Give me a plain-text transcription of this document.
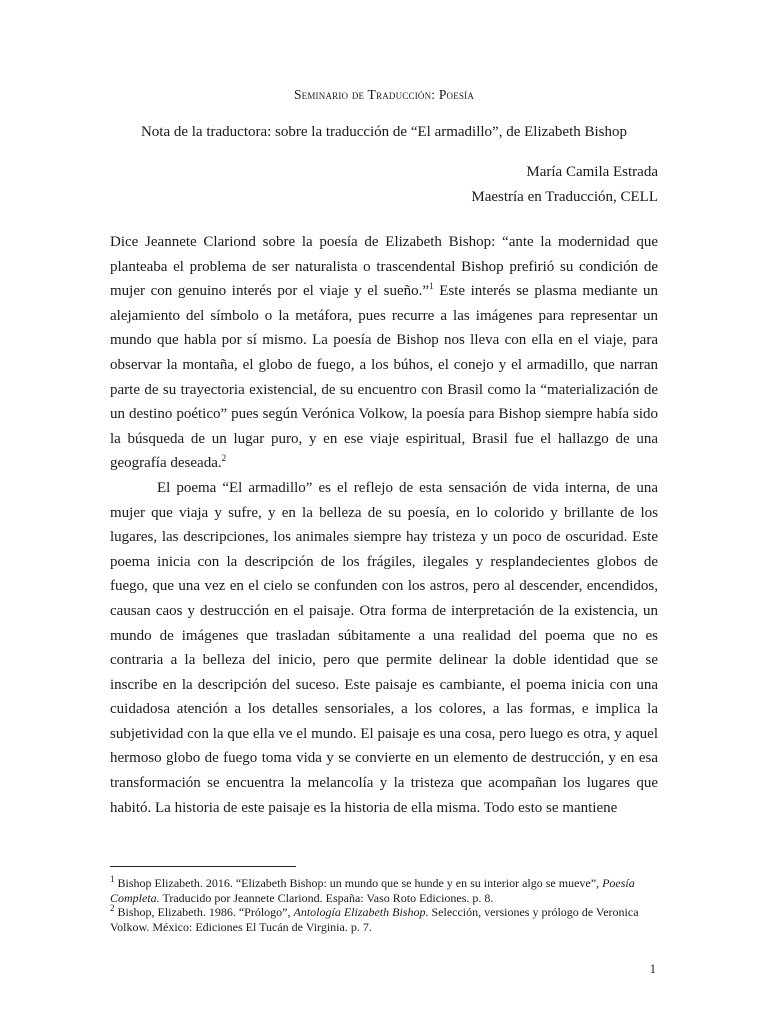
Seminario de Traducción: Poesía
Nota de la traductora: sobre la traducción de “El armadillo”, de Elizabeth Bishop
María Camila Estrada
Maestría en Traducción, CELL

Dice Jeannete Clariond sobre la poesía de Elizabeth Bishop: “ante la modernidad que planteaba el problema de ser naturalista o trascendental Bishop prefirió su condición de mujer con genuino interés por el viaje y el sueño.”$^1$ Este interés se plasma mediante un alejamiento del símbolo o la metáfora, pues recurre a las imágenes para representar un mundo que habla por sí mismo. La poesía de Bishop nos lleva con ella en el viaje, para observar la montaña, el globo de fuego, a los búhos, el conejo y el armadillo, que narran parte de su trayectoria existencial, de su encuentro con Brasil como la “materialización de un destino poético” pues según Verónica Volkow, la poesía para Bishop siempre había sido la búsqueda de un lugar puro, y en ese viaje espiritual, Brasil fue el hallazgo de una geografía deseada.$^2$

El poema “El armadillo” es el reflejo de esta sensación de vida interna, de una mujer que viaja y sufre, y en la belleza de su poesía, en lo colorido y brillante de los lugares, las descripciones, los animales siempre hay tristeza y un poco de oscuridad. Este poema inicia con la descripción de los frágiles, ilegales y resplandecientes globos de fuego, que una vez en el cielo se confunden con los astros, pero al descender, encendidos, causan caos y destrucción en el paisaje. Otra forma de interpretación de la existencia, un mundo de imágenes que trasladan súbitamente a una realidad del poema que no es contraria a la belleza del inicio, pero que permite delinear la doble identidad que se inscribe en la descripción del suceso. Este paisaje es cambiante, el poema inicia con una cuidadosa atención a los detalles sensoriales, a los colores, a las formas, e implica la subjetividad con la que ella ve el mundo. El paisaje es una cosa, pero luego es otra, y aquel hermoso globo de fuego toma vida y se convierte en un elemento de destrucción, y en esa transformación se encuentra la melancolía y la tristeza que acompañan los lugares que habitó. La historia de este paisaje es la historia de ella misma. Todo esto se mantiene

$^1$ Bishop Elizabeth. 2016. “Elizabeth Bishop: un mundo que se hunde y en su interior algo se mueve”, Poesía Completa. Traducido por Jeannete Clariond. España: Vaso Roto Ediciones. p. 8.

$^2$ Bishop, Elizabeth. 1986. “Prólogo”, Antología Elizabeth Bishop. Selección, versiones y prólogo de Veronica Volkow. México: Ediciones El Tucán de Virginia. p. 7.

1
